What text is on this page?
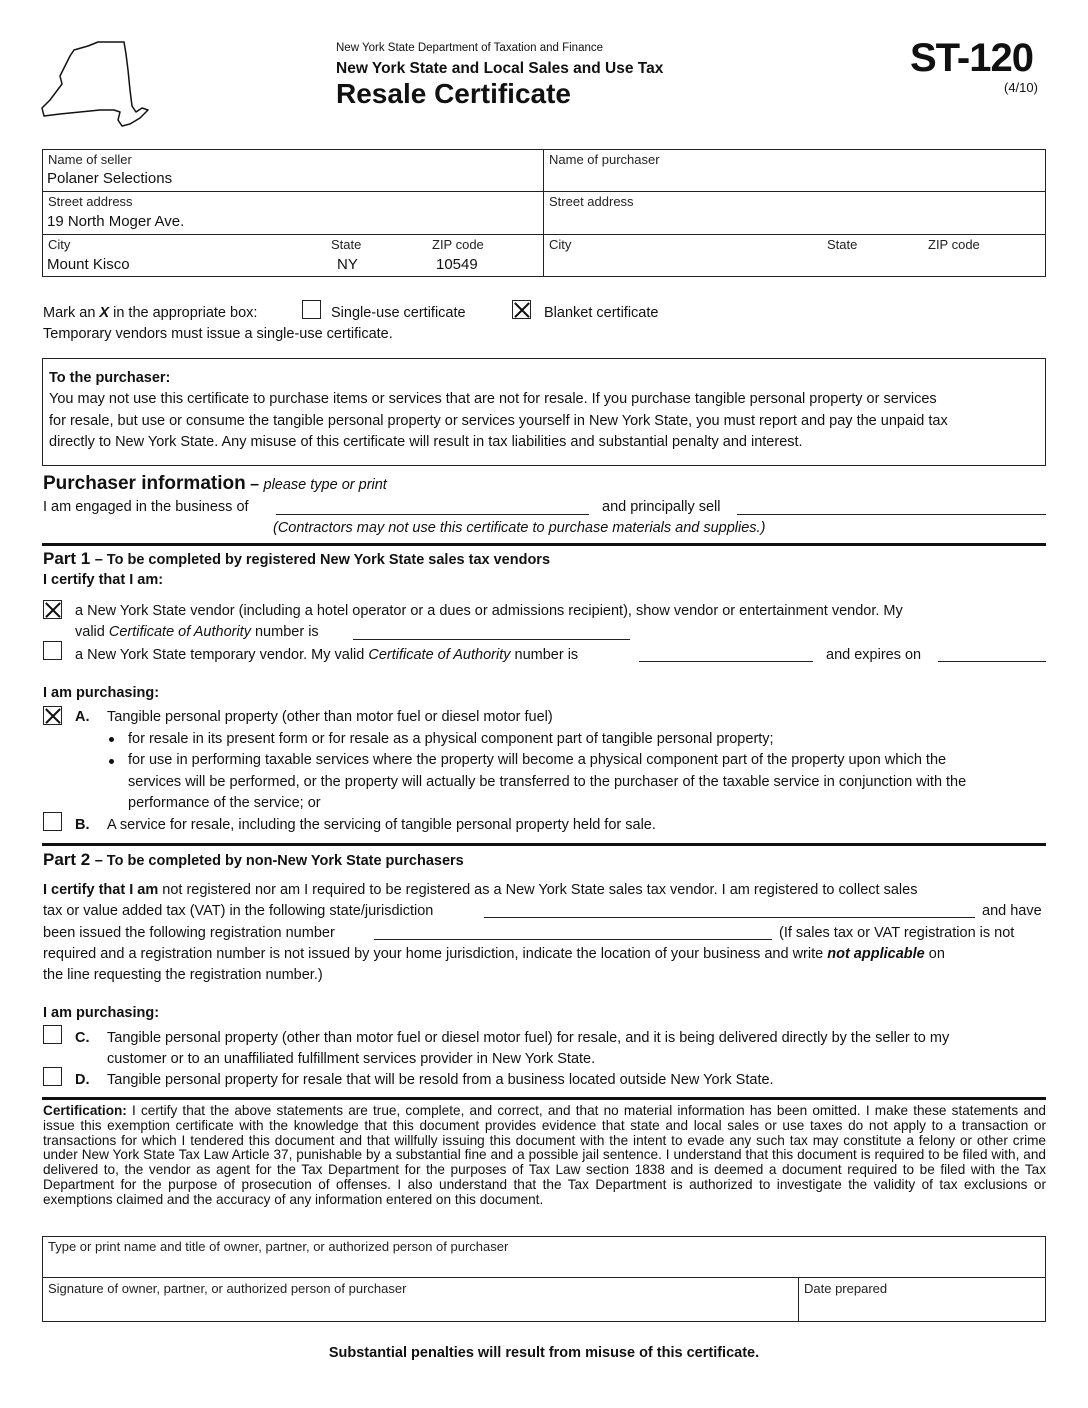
New York State Department of Taxation and Finance
New York State and Local Sales and Use Tax
Resale Certificate
ST-120
(4/10)
Name of seller
Polaner Selections
Street address
19 North Moger Ave.
City
Mount Kisco
State
NY
ZIP code
10549
Name of purchaser
Street address
City	State	ZIP code
Mark an X in the appropriate box:	Single-use certificate	Blanket certificate
Temporary vendors must issue a single-use certificate.
To the purchaser:
You may not use this certificate to purchase items or services that are not for resale. If you purchase tangible personal property or services
for resale, but use or consume the tangible personal property or services yourself in New York State, you must report and pay the unpaid tax
directly to New York State. Any misuse of this certificate will result in tax liabilities and substantial penalty and interest.
Purchaser information – please type or print
I am engaged in the business of	and principally sell
(Contractors may not use this certificate to purchase materials and supplies.)
Part 1 – To be completed by registered New York State sales tax vendors
I certify that I am:
a New York State vendor (including a hotel operator or a dues or admissions recipient), show vendor or entertainment vendor. My
valid Certificate of Authority number is
a New York State temporary vendor. My valid Certificate of Authority number is	and expires on
I am purchasing:
A. Tangible personal property (other than motor fuel or diesel motor fuel)
for resale in its present form or for resale as a physical component part of tangible personal property;
for use in performing taxable services where the property will become a physical component part of the property upon which the
services will be performed, or the property will actually be transferred to the purchaser of the taxable service in conjunction with the
performance of the service; or
B. A service for resale, including the servicing of tangible personal property held for sale.
Part 2 – To be completed by non-New York State purchasers
I certify that I am not registered nor am I required to be registered as a New York State sales tax vendor. I am registered to collect sales
tax or value added tax (VAT) in the following state/jurisdiction	and have
been issued the following registration number	(If sales tax or VAT registration is not
required and a registration number is not issued by your home jurisdiction, indicate the location of your business and write not applicable on
the line requesting the registration number.)
I am purchasing:
C. Tangible personal property (other than motor fuel or diesel motor fuel) for resale, and it is being delivered directly by the seller to my
customer or to an unaffiliated fulfillment services provider in New York State.
D. Tangible personal property for resale that will be resold from a business located outside New York State.
Certification: I certify that the above statements are true, complete, and correct, and that no material information has been omitted. I make these statements and issue this exemption certificate with the knowledge that this document provides evidence that state and local sales or use taxes do not apply to a transaction or transactions for which I tendered this document and that willfully issuing this document with the intent to evade any such tax may constitute a felony or other crime under New York State Tax Law Article 37, punishable by a substantial fine and a possible jail sentence. I understand that this document is required to be filed with, and delivered to, the vendor as agent for the Tax Department for the purposes of Tax Law section 1838 and is deemed a document required to be filed with the Tax Department for the purpose of prosecution of offenses. I also understand that the Tax Department is authorized to investigate the validity of tax exclusions or exemptions claimed and the accuracy of any information entered on this document.
Type or print name and title of owner, partner, or authorized person of purchaser
Signature of owner, partner, or authorized person of purchaser	Date prepared
Substantial penalties will result from misuse of this certificate.
